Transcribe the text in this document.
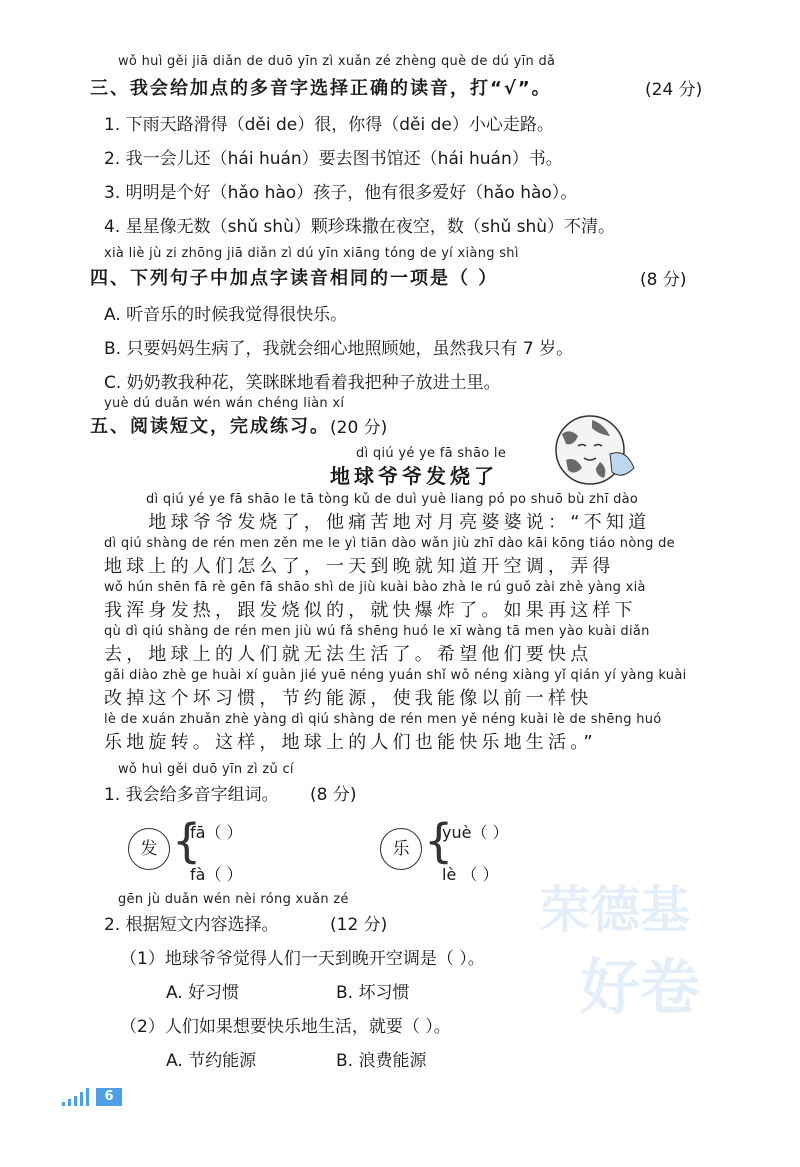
wǒ huì gěi jiā diǎn de duō yīn zì xuǎn zé zhèng què de dú yīn dǎ
三、我会给加点的多音字选择正确的读音，打“√”。	(24 分)
1. 下雨天路滑得（děi de）很，你得（děi de）小心走路。
2. 我一会儿还（hái huán）要去图书馆还（hái huán）书。
3. 明明是个好（hǎo hào）孩子，他有很多爱好（hǎo hào）。
4. 星星像无数（shǔ shù）颗珍珠撒在夜空，数（shǔ shù）不清。
xià liè jù zi zhōng jiā diǎn zì dú yīn xiāng tóng de yí xiàng shì
四、下列句子中加点字读音相同的一项是（ ）	(8 分)
A. 听音乐的时候我觉得很快乐。
B. 只要妈妈生病了，我就会细心地照顾她，虽然我只有 7 岁。
C. 奶奶教我种花，笑眯眯地看着我把种子放进土里。
yuè dú duǎn wén wán chéng liàn xí
五、阅读短文，完成练习。 (20 分)
dì qiú yé ye fā shāo le
地球爷爷发烧了
dì qiú yé ye fā shāo le tā tòng kǔ de duì yuè liang pó po shuō bù zhī dào
　　地球爷爷发烧了，他痛苦地对月亮婆婆说：“不知道
dì qiú shàng de rén men zěn me le yì tiān dào wǎn jiù zhī dào kāi kōng tiáo nòng de
地球上的人们怎么了，一天到晚就知道开空调，弄得
wǒ hún shēn fā rè gēn fā shāo shì de jiù kuài bào zhà le rú guǒ zài zhè yàng xià
我浑身发热，跟发烧似的，就快爆炸了。如果再这样下
qù dì qiú shàng de rén men jiù wú fǎ shēng huó le xī wàng tā men yào kuài diǎn
去，地球上的人们就无法生活了。希望他们要快点
gǎi diào zhè ge huài xí guàn jié yuē néng yuán shǐ wǒ néng xiàng yǐ qián yí yàng kuài
改掉这个坏习惯，节约能源，使我能像以前一样快
lè de xuán zhuǎn zhè yàng dì qiú shàng de rén men yě néng kuài lè de shēng huó
乐地旋转。这样，地球上的人们也能快乐地生活。”
wǒ huì gěi duō yīn zì zǔ cí
1. 我会给多音字组词。 (8 分)
发 {
fā（ ）
fà（ ）
乐 {
yuè（ ）
lè （ ）
荣德基
好卷
gēn jù duǎn wén nèi róng xuǎn zé
2. 根据短文内容选择。	(12 分)
（1）地球爷爷觉得人们一天到晚开空调是（ ）。
A. 好习惯	B. 坏习惯
（2）人们如果想要快乐地生活，就要（ ）。
A. 节约能源	B. 浪费能源
6
